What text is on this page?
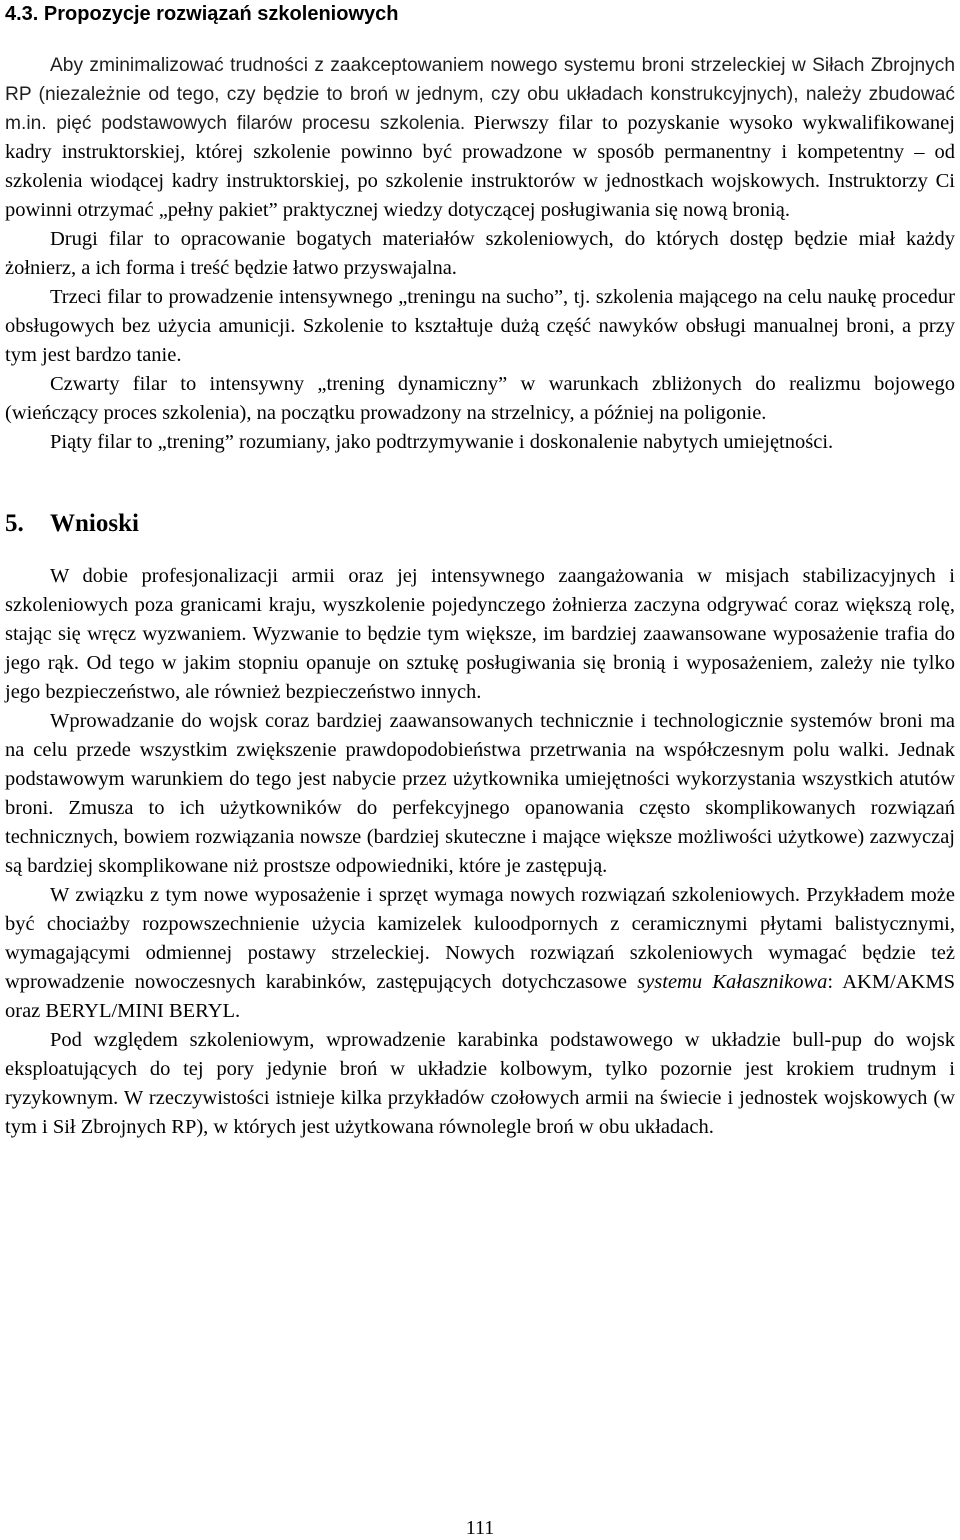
4.3. Propozycje rozwiązań szkoleniowych

Aby zminimalizować trudności z zaakceptowaniem nowego systemu broni strzeleckiej w Siłach Zbrojnych RP (niezależnie od tego, czy będzie to broń w jednym, czy obu układach konstrukcyjnych), należy zbudować m.in. pięć podstawowych filarów procesu szkolenia. Pierwszy filar to pozyskanie wysoko wykwalifikowanej kadry instruktorskiej, której szkolenie powinno być prowadzone w sposób permanentny i kompetentny – od szkolenia wiodącej kadry instruktorskiej, po szkolenie instruktorów w jednostkach wojskowych. Instruktorzy Ci powinni otrzymać „pełny pakiet” praktycznej wiedzy dotyczącej posługiwania się nową bronią.

Drugi filar to opracowanie bogatych materiałów szkoleniowych, do których dostęp będzie miał każdy żołnierz, a ich forma i treść będzie łatwo przyswajalna.

Trzeci filar to prowadzenie intensywnego „treningu na sucho”, tj. szkolenia mającego na celu naukę procedur obsługowych bez użycia amunicji. Szkolenie to kształtuje dużą część nawyków obsługi manualnej broni, a przy tym jest bardzo tanie.

Czwarty filar to intensywny „trening dynamiczny” w warunkach zbliżonych do realizmu bojowego (wieńczący proces szkolenia), na początku prowadzony na strzelnicy, a później na poligonie.

Piąty filar to „trening” rozumiany, jako podtrzymywanie i doskonalenie nabytych umiejętności.

5. Wnioski

W dobie profesjonalizacji armii oraz jej intensywnego zaangażowania w misjach stabilizacyjnych i szkoleniowych poza granicami kraju, wyszkolenie pojedynczego żołnierza zaczyna odgrywać coraz większą rolę, stając się wręcz wyzwaniem. Wyzwanie to będzie tym większe, im bardziej zaawansowane wyposażenie trafia do jego rąk. Od tego w jakim stopniu opanuje on sztukę posługiwania się bronią i wyposażeniem, zależy nie tylko jego bezpieczeństwo, ale również bezpieczeństwo innych.

Wprowadzanie do wojsk coraz bardziej zaawansowanych technicznie i technologicznie systemów broni ma na celu przede wszystkim zwiększenie prawdopodobieństwa przetrwania na współczesnym polu walki. Jednak podstawowym warunkiem do tego jest nabycie przez użytkownika umiejętności wykorzystania wszystkich atutów broni. Zmusza to ich użytkowników do perfekcyjnego opanowania często skomplikowanych rozwiązań technicznych, bowiem rozwiązania nowsze (bardziej skuteczne i mające większe możliwości użytkowe) zazwyczaj są bardziej skomplikowane niż prostsze odpowiedniki, które je zastępują.

W związku z tym nowe wyposażenie i sprzęt wymaga nowych rozwiązań szkoleniowych. Przykładem może być chociażby rozpowszechnienie użycia kamizelek kuloodpornych z ceramicznymi płytami balistycznymi, wymagającymi odmiennej postawy strzeleckiej. Nowych rozwiązań szkoleniowych wymagać będzie też wprowadzenie nowoczesnych karabinków, zastępujących dotychczasowe systemu Kałasznikowa: AKM/AKMS oraz BERYL/MINI BERYL.

Pod względem szkoleniowym, wprowadzenie karabinka podstawowego w układzie bull-pup do wojsk eksploatujących do tej pory jedynie broń w układzie kolbowym, tylko pozornie jest krokiem trudnym i ryzykownym. W rzeczywistości istnieje kilka przykładów czołowych armii na świecie i jednostek wojskowych (w tym i Sił Zbrojnych RP), w których jest użytkowana równolegle broń w obu układach.

111
